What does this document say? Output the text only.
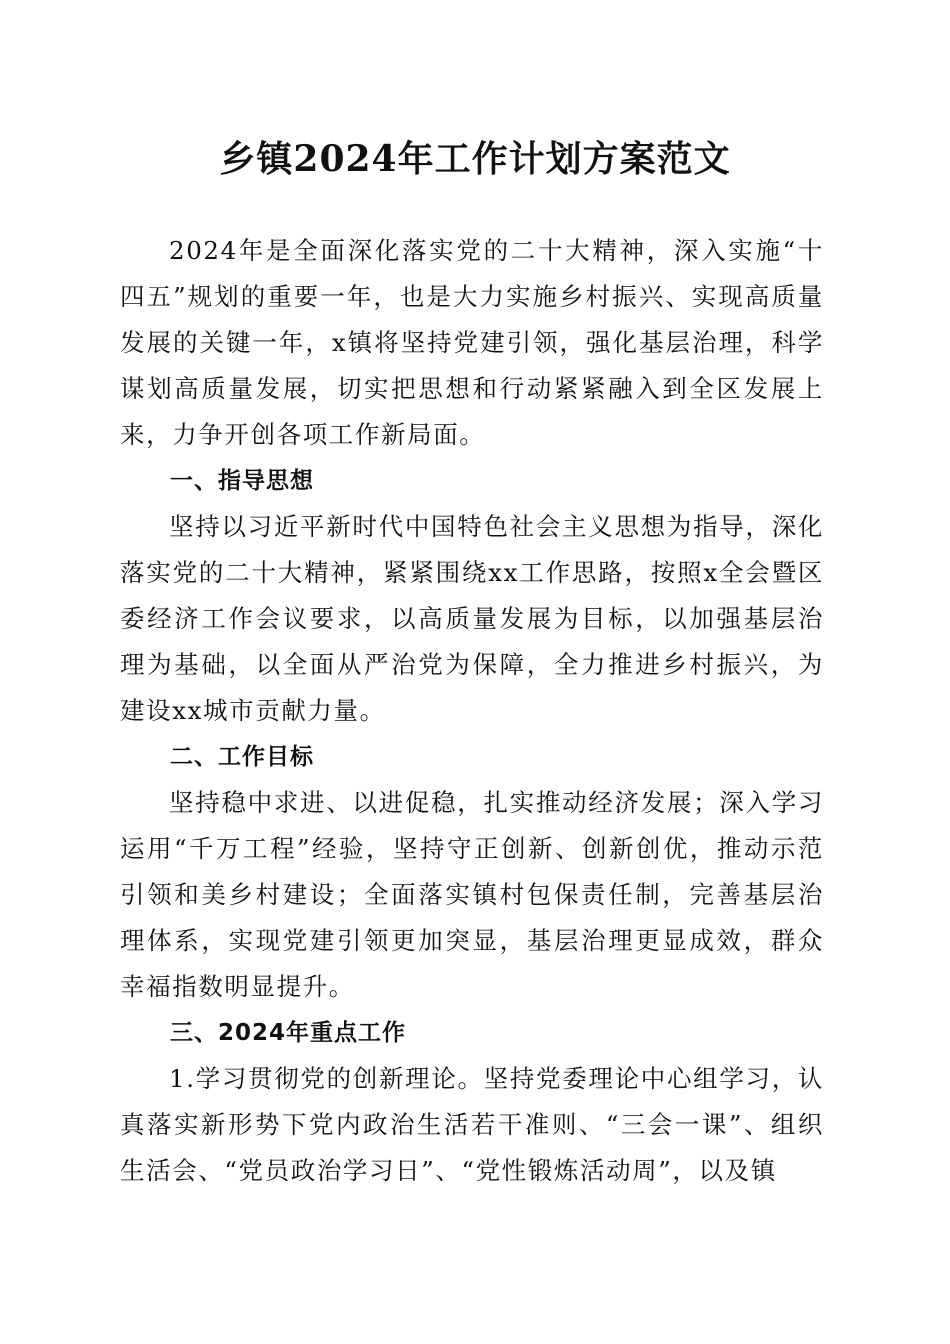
乡镇2024年工作计划方案范文

2024年是全面深化落实党的二十大精神，深入实施“十四五”规划的重要一年，也是大力实施乡村振兴、实现高质量发展的关键一年，x镇将坚持党建引领，强化基层治理，科学谋划高质量发展，切实把思想和行动紧紧融入到全区发展上来，力争开创各项工作新局面。

一、指导思想

坚持以习近平新时代中国特色社会主义思想为指导，深化落实党的二十大精神，紧紧围绕xx工作思路，按照x全会暨区委经济工作会议要求，以高质量发展为目标，以加强基层治理为基础，以全面从严治党为保障，全力推进乡村振兴，为建设xx城市贡献力量。

二、工作目标

坚持稳中求进、以进促稳，扎实推动经济发展；深入学习运用“千万工程”经验，坚持守正创新、创新创优，推动示范引领和美乡村建设；全面落实镇村包保责任制，完善基层治理体系，实现党建引领更加突显，基层治理更显成效，群众幸福指数明显提升。

三、2024年重点工作

1.学习贯彻党的创新理论。坚持党委理论中心组学习，认真落实新形势下党内政治生活若干准则、“三会一课”、组织生活会、“党员政治学习日”、“党性锻炼活动周”，以及镇
